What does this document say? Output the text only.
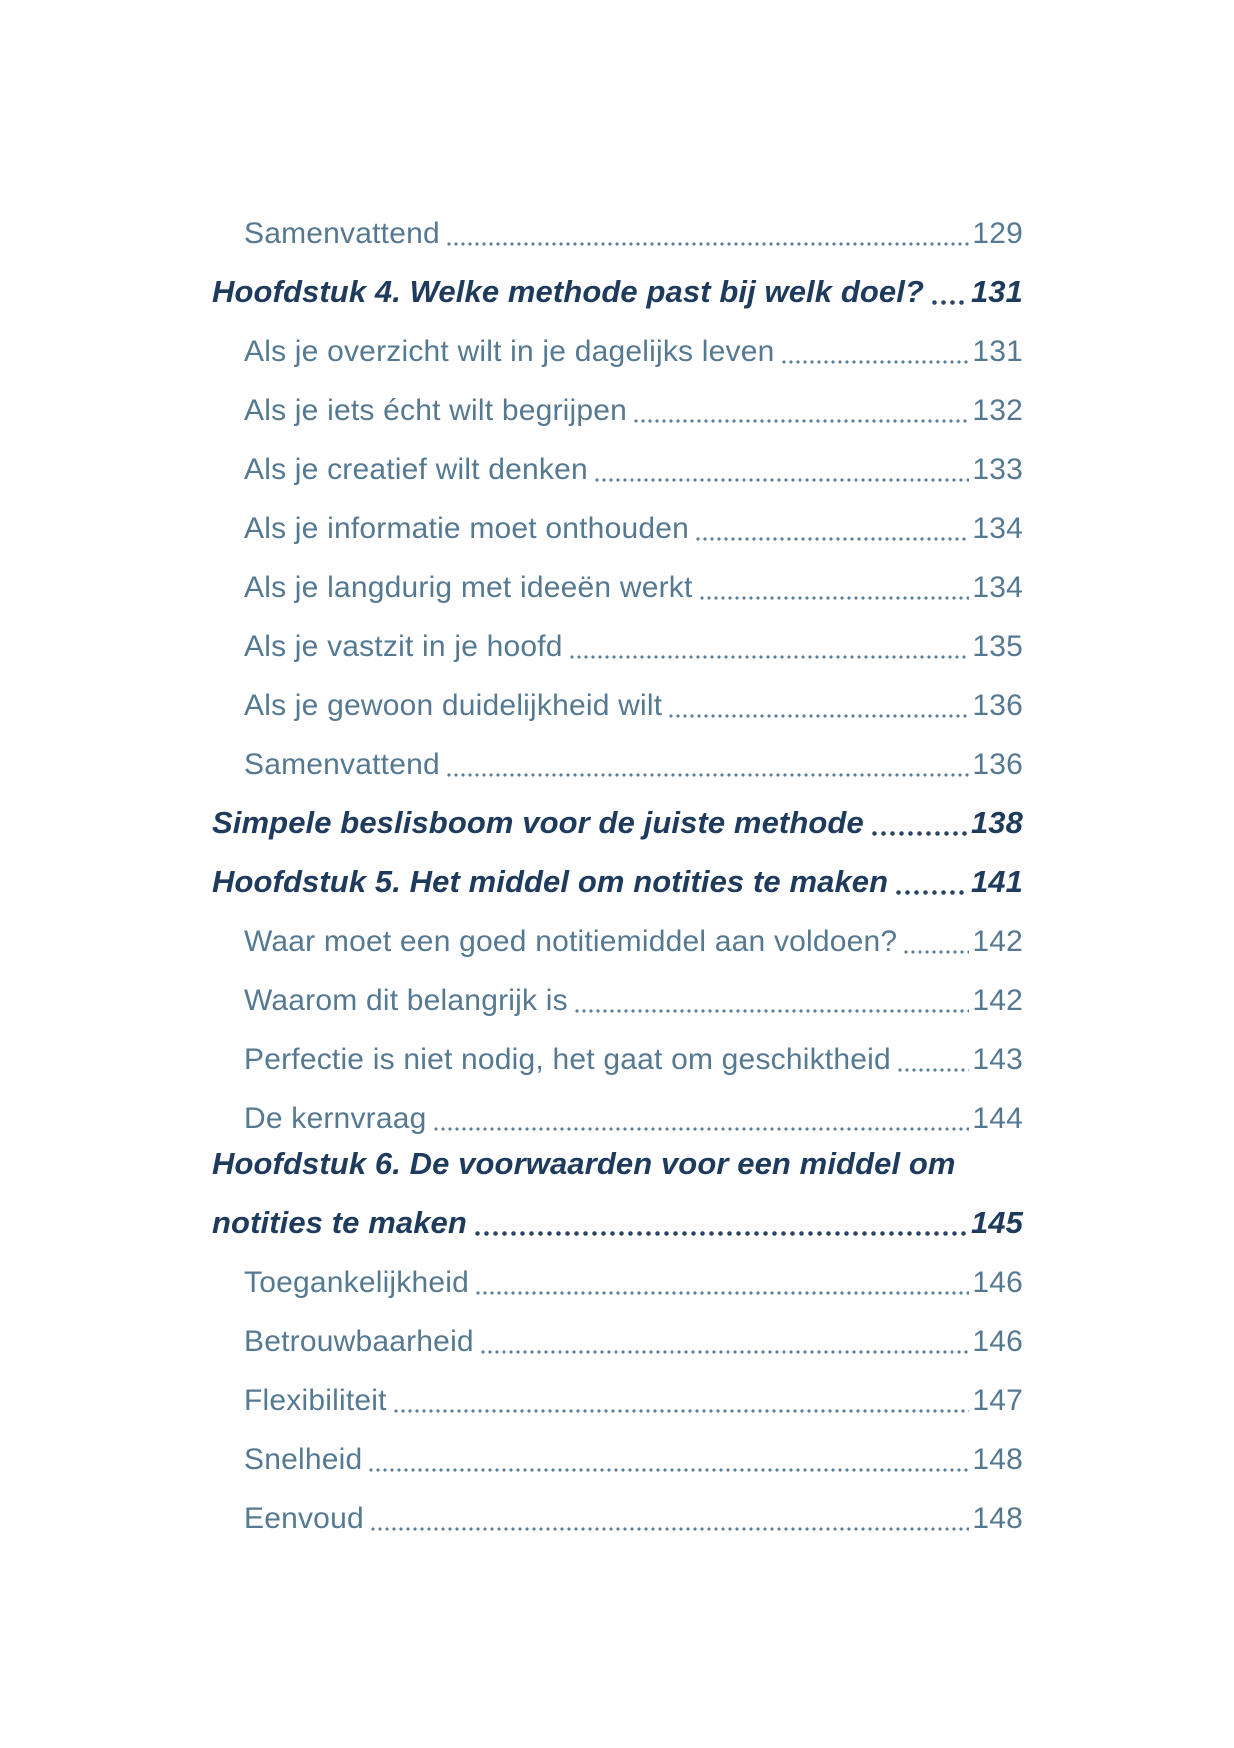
Samenvattend	129
Hoofdstuk 4. Welke methode past bij welk doel? 131
Als je overzicht wilt in je dagelijks leven	131
Als je iets écht wilt begrijpen	132
Als je creatief wilt denken	133
Als je informatie moet onthouden	134
Als je langdurig met ideeën werkt	134
Als je vastzit in je hoofd	135
Als je gewoon duidelijkheid wilt	136
Samenvattend	136
Simpele beslisboom voor de juiste methode	138
Hoofdstuk 5. Het middel om notities te maken	141
Waar moet een goed notitiemiddel aan voldoen?	142
Waarom dit belangrijk is	142
Perfectie is niet nodig, het gaat om geschiktheid	143
De kernvraag	144
Hoofdstuk 6. De voorwaarden voor een middel om
notities te maken	145
Toegankelijkheid	146
Betrouwbaarheid	146
Flexibiliteit	147
Snelheid	148
Eenvoud	148
